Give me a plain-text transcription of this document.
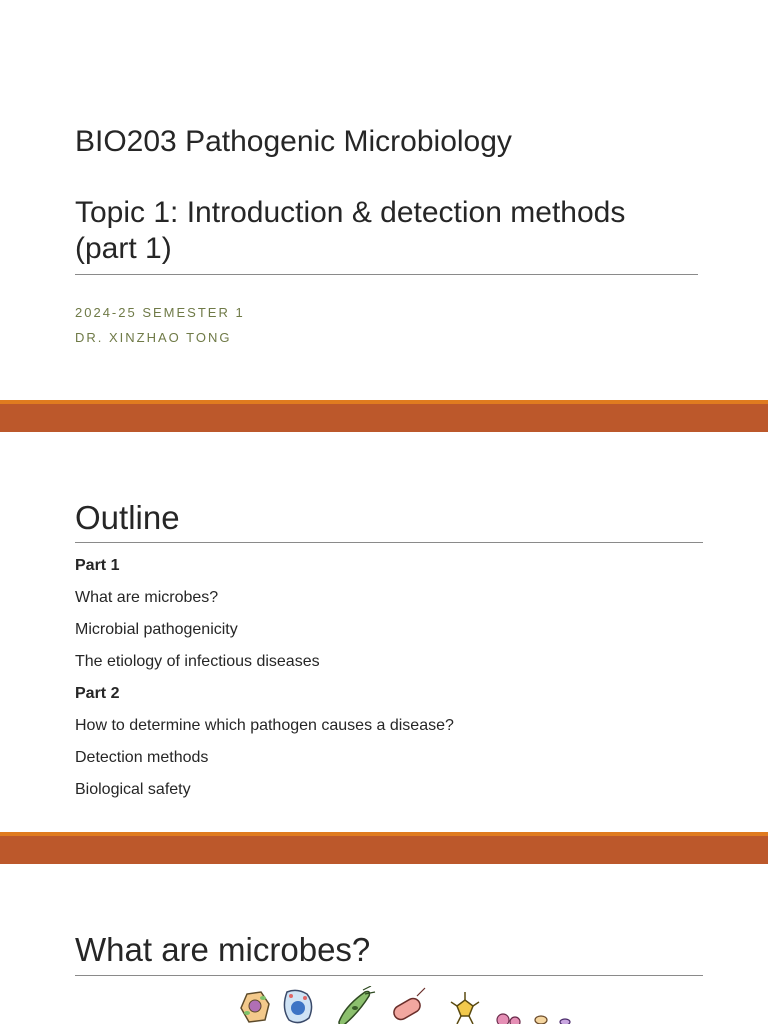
BIO203 Pathogenic Microbiology
Topic 1: Introduction & detection methods (part 1)

2024-25 SEMESTER 1

DR. XINZHAO TONG

Outline
Part 1
What are microbes?
Microbial pathogenicity
The etiology of infectious diseases
Part 2
How to determine which pathogen causes a disease?
Detection methods
Biological safety
What are microbes?
